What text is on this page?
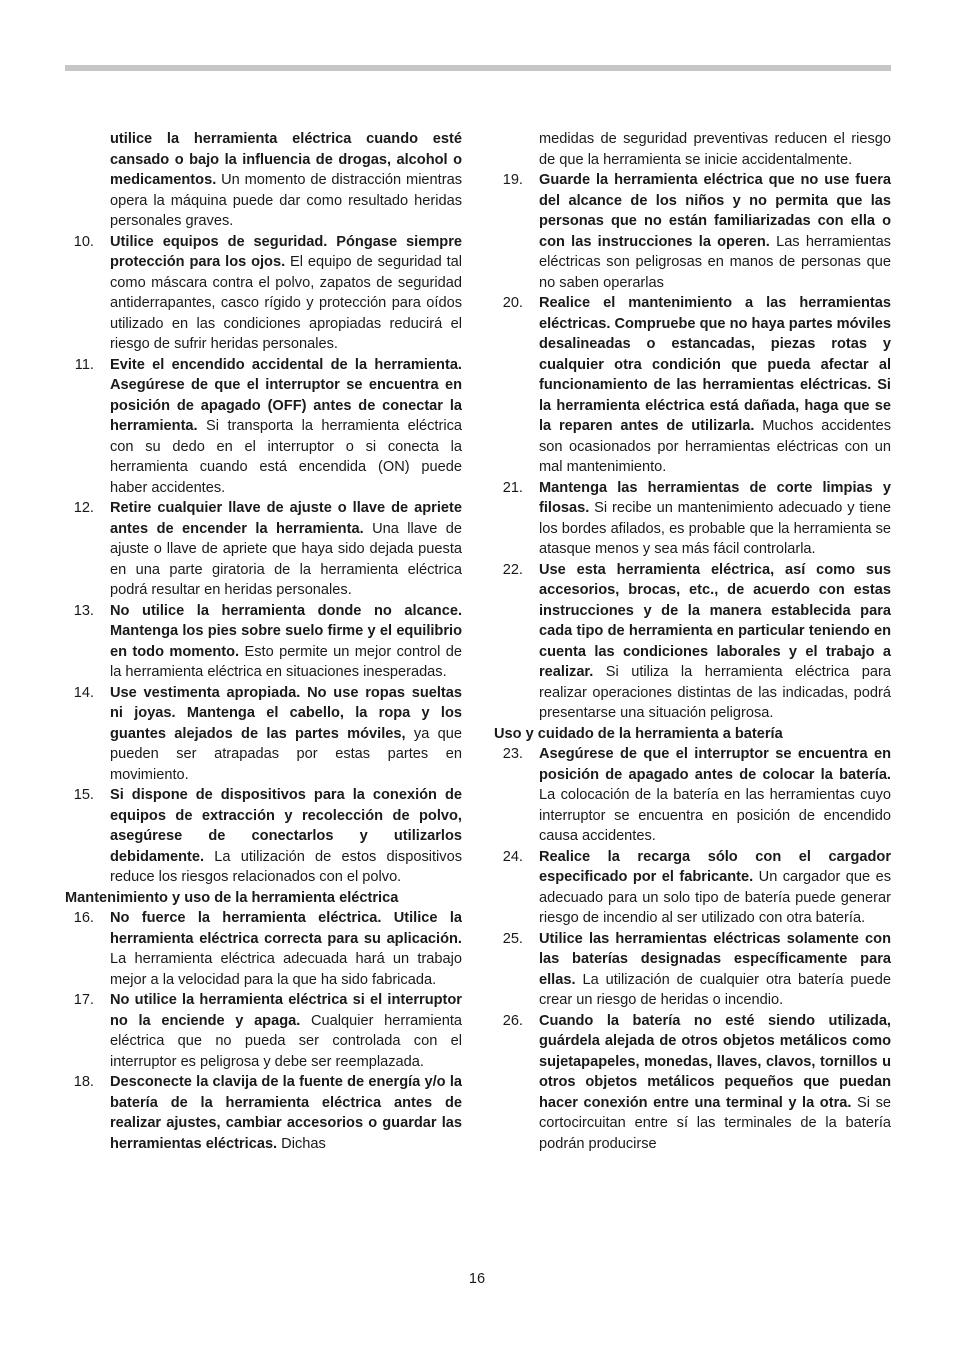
utilice la herramienta eléctrica cuando esté cansado o bajo la influencia de drogas, alcohol o medicamentos. Un momento de distracción mientras opera la máquina puede dar como resultado heridas personales graves.
10. Utilice equipos de seguridad. Póngase siempre protección para los ojos. El equipo de seguridad tal como máscara contra el polvo, zapatos de seguridad antiderrapantes, casco rígido y protección para oídos utilizado en las condiciones apropiadas reducirá el riesgo de sufrir heridas personales.
11. Evite el encendido accidental de la herramienta. Asegúrese de que el interruptor se encuentra en posición de apagado (OFF) antes de conectar la herramienta. Si transporta la herramienta eléctrica con su dedo en el interruptor o si conecta la herramienta cuando está encendida (ON) puede haber accidentes.
12. Retire cualquier llave de ajuste o llave de apriete antes de encender la herramienta. Una llave de ajuste o llave de apriete que haya sido dejada puesta en una parte giratoria de la herramienta eléctrica podrá resultar en heridas personales.
13. No utilice la herramienta donde no alcance. Mantenga los pies sobre suelo firme y el equilibrio en todo momento. Esto permite un mejor control de la herramienta eléctrica en situaciones inesperadas.
14. Use vestimenta apropiada. No use ropas sueltas ni joyas. Mantenga el cabello, la ropa y los guantes alejados de las partes móviles, ya que pueden ser atrapadas por estas partes en movimiento.
15. Si dispone de dispositivos para la conexión de equipos de extracción y recolección de polvo, asegúrese de conectarlos y utilizarlos debidamente. La utilización de estos dispositivos reduce los riesgos relacionados con el polvo.
Mantenimiento y uso de la herramienta eléctrica
16. No fuerce la herramienta eléctrica. Utilice la herramienta eléctrica correcta para su aplicación. La herramienta eléctrica adecuada hará un trabajo mejor a la velocidad para la que ha sido fabricada.
17. No utilice la herramienta eléctrica si el interruptor no la enciende y apaga. Cualquier herramienta eléctrica que no pueda ser controlada con el interruptor es peligrosa y debe ser reemplazada.
18. Desconecte la clavija de la fuente de energía y/o la batería de la herramienta eléctrica antes de realizar ajustes, cambiar accesorios o guardar las herramientas eléctricas. Dichas
medidas de seguridad preventivas reducen el riesgo de que la herramienta se inicie accidentalmente.
19. Guarde la herramienta eléctrica que no use fuera del alcance de los niños y no permita que las personas que no están familiarizadas con ella o con las instrucciones la operen. Las herramientas eléctricas son peligrosas en manos de personas que no saben operarlas
20. Realice el mantenimiento a las herramientas eléctricas. Compruebe que no haya partes móviles desalineadas o estancadas, piezas rotas y cualquier otra condición que pueda afectar al funcionamiento de las herramientas eléctricas. Si la herramienta eléctrica está dañada, haga que se la reparen antes de utilizarla. Muchos accidentes son ocasionados por herramientas eléctricas con un mal mantenimiento.
21. Mantenga las herramientas de corte limpias y filosas. Si recibe un mantenimiento adecuado y tiene los bordes afilados, es probable que la herramienta se atasque menos y sea más fácil controlarla.
22. Use esta herramienta eléctrica, así como sus accesorios, brocas, etc., de acuerdo con estas instrucciones y de la manera establecida para cada tipo de herramienta en particular teniendo en cuenta las condiciones laborales y el trabajo a realizar. Si utiliza la herramienta eléctrica para realizar operaciones distintas de las indicadas, podrá presentarse una situación peligrosa.
Uso y cuidado de la herramienta a batería
23. Asegúrese de que el interruptor se encuentra en posición de apagado antes de colocar la batería. La colocación de la batería en las herramientas cuyo interruptor se encuentra en posición de encendido causa accidentes.
24. Realice la recarga sólo con el cargador especificado por el fabricante. Un cargador que es adecuado para un solo tipo de batería puede generar riesgo de incendio al ser utilizado con otra batería.
25. Utilice las herramientas eléctricas solamente con las baterías designadas específicamente para ellas. La utilización de cualquier otra batería puede crear un riesgo de heridas o incendio.
26. Cuando la batería no esté siendo utilizada, guárdela alejada de otros objetos metálicos como sujetapapeles, monedas, llaves, clavos, tornillos u otros objetos metálicos pequeños que puedan hacer conexión entre una terminal y la otra. Si se cortocircuitan entre sí las terminales de la batería podrán producirse
16
